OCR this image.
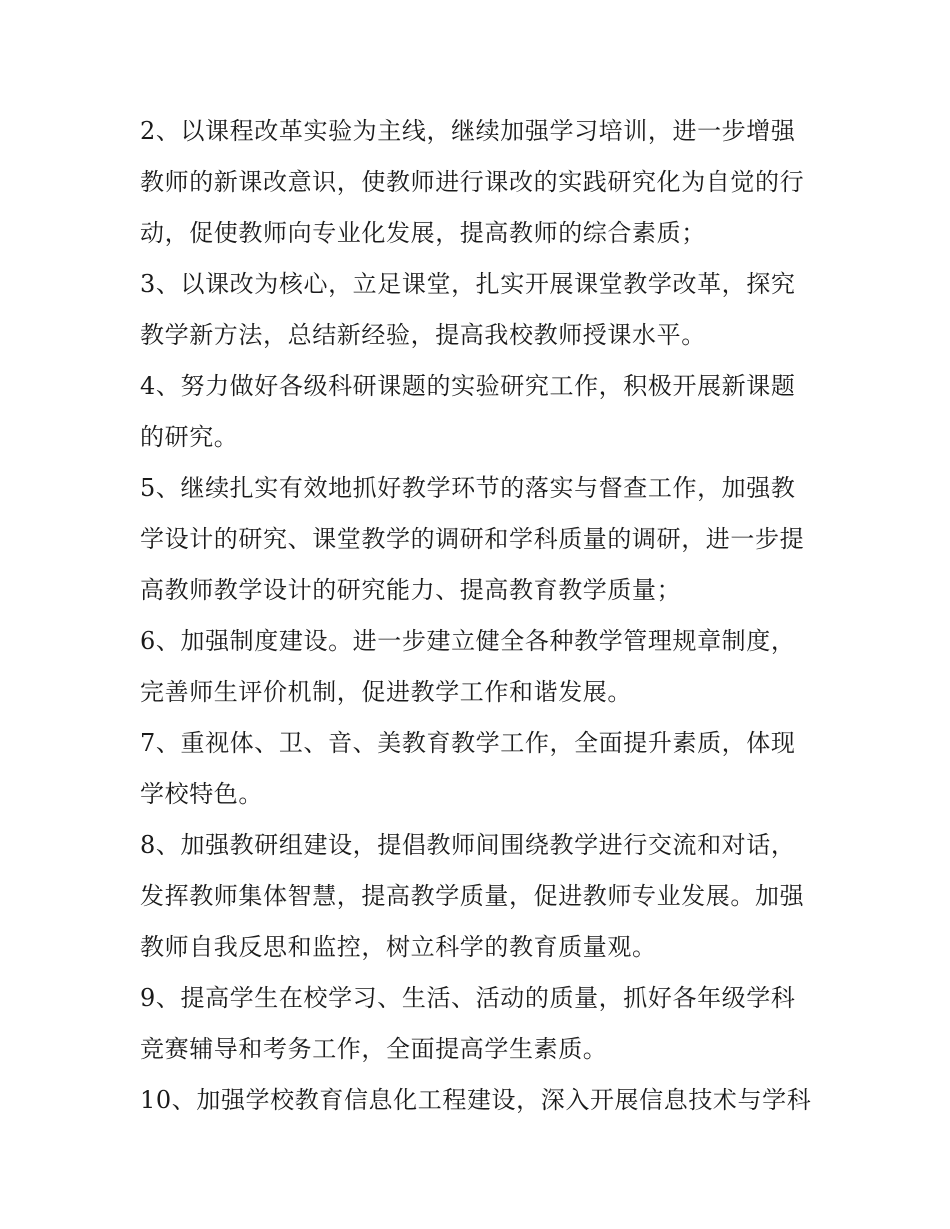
2、以课程改革实验为主线，继续加强学习培训，进一步增强
教师的新课改意识，使教师进行课改的实践研究化为自觉的行
动，促使教师向专业化发展，提高教师的综合素质；
3、以课改为核心，立足课堂，扎实开展课堂教学改革，探究
教学新方法，总结新经验，提高我校教师授课水平。
4、努力做好各级科研课题的实验研究工作，积极开展新课题
的研究。
5、继续扎实有效地抓好教学环节的落实与督查工作，加强教
学设计的研究、课堂教学的调研和学科质量的调研，进一步提
高教师教学设计的研究能力、提高教育教学质量；
6、加强制度建设。进一步建立健全各种教学管理规章制度，
完善师生评价机制，促进教学工作和谐发展。
7、重视体、卫、音、美教育教学工作，全面提升素质，体现
学校特色。
8、加强教研组建设，提倡教师间围绕教学进行交流和对话，
发挥教师集体智慧，提高教学质量，促进教师专业发展。加强
教师自我反思和监控，树立科学的教育质量观。
9、提高学生在校学习、生活、活动的质量，抓好各年级学科
竞赛辅导和考务工作，全面提高学生素质。
10、加强学校教育信息化工程建设，深入开展信息技术与学科
